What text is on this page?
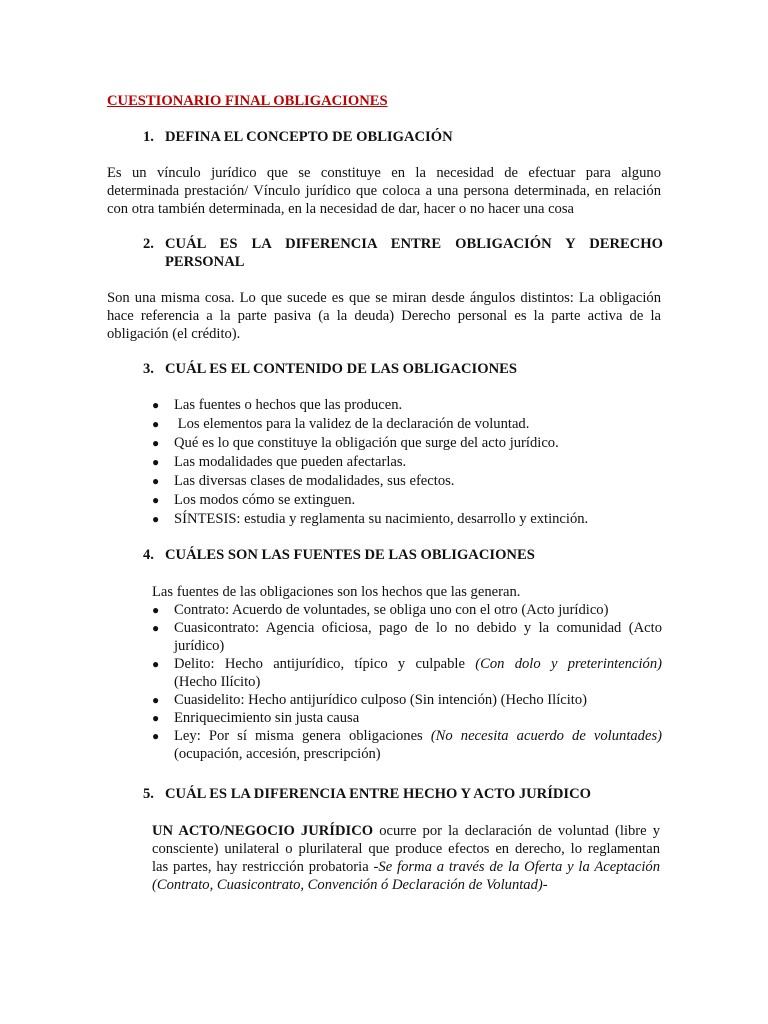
CUESTIONARIO FINAL OBLIGACIONES
1. DEFINA EL CONCEPTO DE OBLIGACIÓN
Es un vínculo jurídico que se constituye en la necesidad de efectuar para alguno
determinada prestación/ Vínculo jurídico que coloca a una persona determinada, en relación
con otra también determinada, en la necesidad de dar, hacer o no hacer una cosa
2. CUÁL ES LA DIFERENCIA ENTRE OBLIGACIÓN Y DERECHO PERSONAL
Son una misma cosa. Lo que sucede es que se miran desde ángulos distintos: La obligación
hace referencia a la parte pasiva (a la deuda) Derecho personal es la parte activa de la
obligación (el crédito).
3. CUÁL ES EL CONTENIDO DE LAS OBLIGACIONES
● Las fuentes o hechos que las producen.
● Los elementos para la validez de la declaración de voluntad.
● Qué es lo que constituye la obligación que surge del acto jurídico.
● Las modalidades que pueden afectarlas.
● Las diversas clases de modalidades, sus efectos.
● Los modos cómo se extinguen.
● SÍNTESIS: estudia y reglamenta su nacimiento, desarrollo y extinción.
4. CUÁLES SON LAS FUENTES DE LAS OBLIGACIONES
Las fuentes de las obligaciones son los hechos que las generan.
● Contrato: Acuerdo de voluntades, se obliga uno con el otro (Acto jurídico)
● Cuasicontrato: Agencia oficiosa, pago de lo no debido y la comunidad (Acto
jurídico)
● Delito: Hecho antijurídico, típico y culpable (Con dolo y preterintención)
(Hecho Ilícito)
● Cuasidelito: Hecho antijurídico culposo (Sin intención) (Hecho Ilícito)
● Enriquecimiento sin justa causa
● Ley: Por sí misma genera obligaciones (No necesita acuerdo de voluntades)
(ocupación, accesión, prescripción)
5. CUÁL ES LA DIFERENCIA ENTRE HECHO Y ACTO JURÍDICO
UN ACTO/NEGOCIO JURÍDICO ocurre por la declaración de voluntad (libre y
consciente) unilateral o plurilateral que produce efectos en derecho, lo reglamentan
las partes, hay restricción probatoria -Se forma a través de la Oferta y la Aceptación
(Contrato, Cuasicontrato, Convención ó Declaración de Voluntad)-
